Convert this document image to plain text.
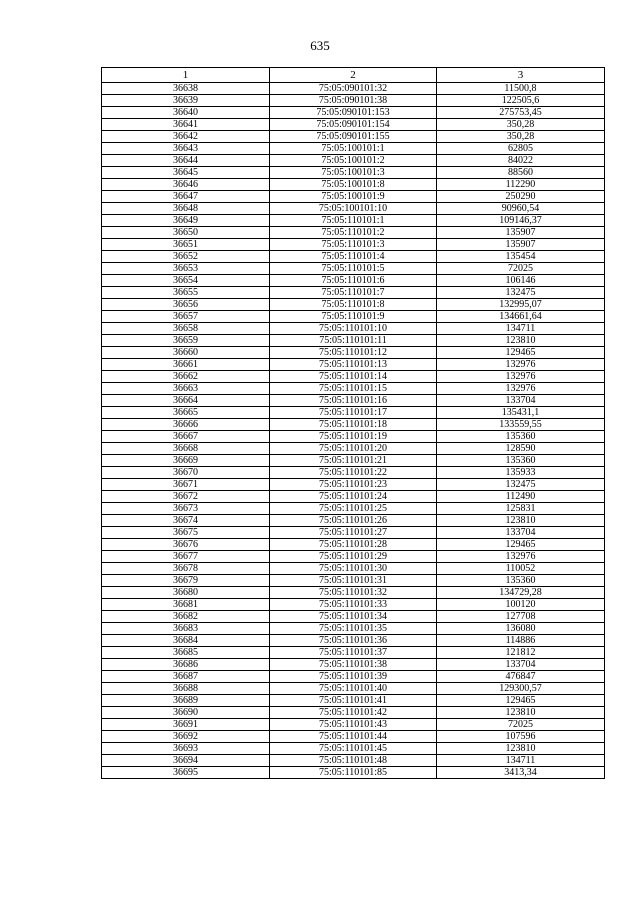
635
1	2	3
36638	75:05:090101:32	11500,8
36639	75:05:090101:38	122505,6
36640	75:05:090101:153	275753,45
36641	75:05:090101:154	350,28
36642	75:05:090101:155	350,28
36643	75:05:100101:1	62805
36644	75:05:100101:2	84022
36645	75:05:100101:3	88560
36646	75:05:100101:8	112290
36647	75:05:100101:9	250290
36648	75:05:100101:10	90960,54
36649	75:05:110101:1	109146,37
36650	75:05:110101:2	135907
36651	75:05:110101:3	135907
36652	75:05:110101:4	135454
36653	75:05:110101:5	72025
36654	75:05:110101:6	106146
36655	75:05:110101:7	132475
36656	75:05:110101:8	132995,07
36657	75:05:110101:9	134661,64
36658	75:05:110101:10	134711
36659	75:05:110101:11	123810
36660	75:05:110101:12	129465
36661	75:05:110101:13	132976
36662	75:05:110101:14	132976
36663	75:05:110101:15	132976
36664	75:05:110101:16	133704
36665	75:05:110101:17	135431,1
36666	75:05:110101:18	133559,55
36667	75:05:110101:19	135360
36668	75:05:110101:20	128590
36669	75:05:110101:21	135360
36670	75:05:110101:22	135933
36671	75:05:110101:23	132475
36672	75:05:110101:24	112490
36673	75:05:110101:25	125831
36674	75:05:110101:26	123810
36675	75:05:110101:27	133704
36676	75:05:110101:28	129465
36677	75:05:110101:29	132976
36678	75:05:110101:30	110052
36679	75:05:110101:31	135360
36680	75:05:110101:32	134729,28
36681	75:05:110101:33	100120
36682	75:05:110101:34	127708
36683	75:05:110101:35	136080
36684	75:05:110101:36	114886
36685	75:05:110101:37	121812
36686	75:05:110101:38	133704
36687	75:05:110101:39	476847
36688	75:05:110101:40	129300,57
36689	75:05:110101:41	129465
36690	75:05:110101:42	123810
36691	75:05:110101:43	72025
36692	75:05:110101:44	107596
36693	75:05:110101:45	123810
36694	75:05:110101:48	134711
36695	75:05:110101:85	3413,34
